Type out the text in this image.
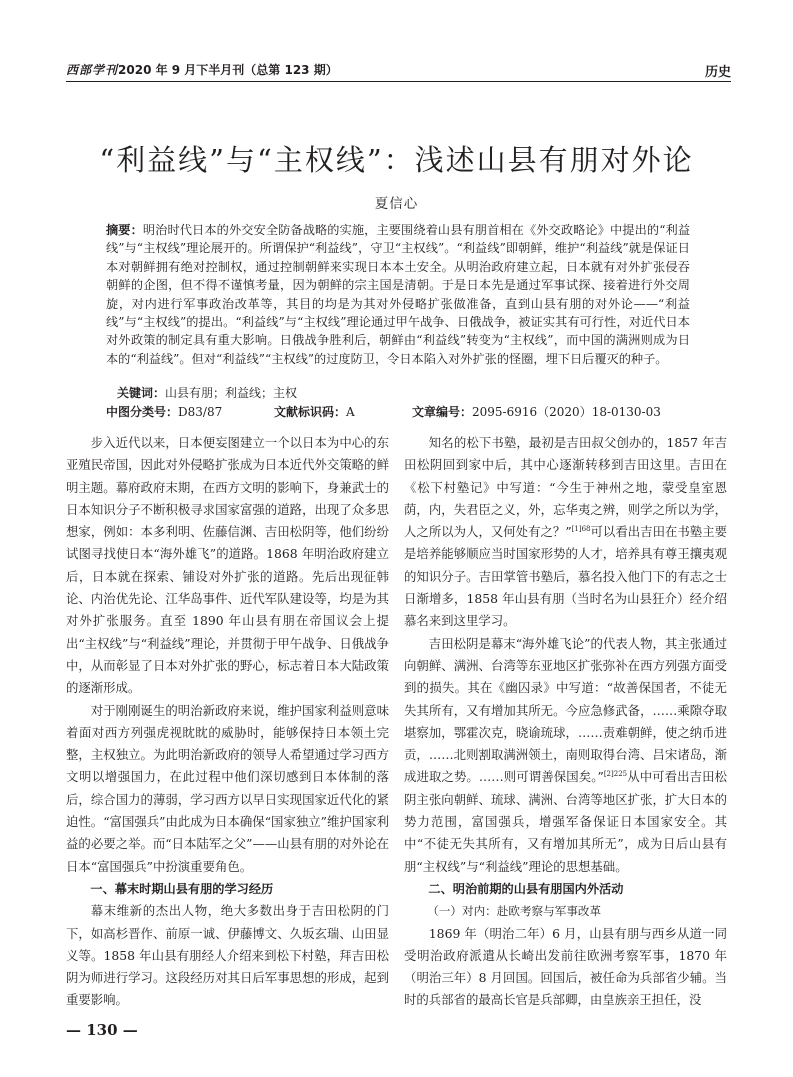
西部学刊2020 年 9 月下半月刊（总第 123 期）	历史
“利益线”与“主权线”：浅述山县有朋对外论
夏信心
摘要：明治时代日本的外交安全防备战略的实施，主要围绕着山县有朋首相在《外交政略论》中提出的“利益线”与“主权线”理论展开的。所谓保护“利益线”，守卫“主权线”。“利益线”即朝鲜，维护“利益线”就是保证日本对朝鲜拥有绝对控制权，通过控制朝鲜来实现日本本土安全。从明治政府建立起，日本就有对外扩张侵吞朝鲜的企图，但不得不谨慎考量，因为朝鲜的宗主国是清朝。于是日本先是通过军事试探、接着进行外交周旋，对内进行军事政治改革等，其目的均是为其对外侵略扩张做准备，直到山县有朋的对外论——“利益线”与“主权线”的提出。“利益线”与“主权线”理论通过甲午战争、日俄战争，被证实其有可行性，对近代日本对外政策的制定具有重大影响。日俄战争胜利后，朝鲜由“利益线”转变为“主权线”，而中国的满洲则成为日本的“利益线”。但对“利益线”“主权线”的过度防卫，令日本陷入对外扩张的怪圈，埋下日后覆灭的种子。
关键词：山县有朋；利益线；主权
中图分类号：D83/87	文献标识码：A	文章编号：2095-6916（2020）18-0130-03

步入近代以来，日本便妄图建立一个以日本为中心的东亚殖民帝国，因此对外侵略扩张成为日本近代外交策略的鲜明主题。幕府政府末期，在西方文明的影响下，身兼武士的日本知识分子不断积极寻求国家富强的道路，出现了众多思想家，例如：本多利明、佐藤信渊、吉田松阴等，他们纷纷试图寻找使日本“海外雄飞”的道路。1868 年明治政府建立后，日本就在探索、铺设对外扩张的道路。先后出现征韩论、内治优先论、江华岛事件、近代军队建设等，均是为其对外扩张服务。直至 1890 年山县有朋在帝国议会上提出“主权线”与“利益线”理论，并贯彻于甲午战争、日俄战争中，从而彰显了日本对外扩张的野心，标志着日本大陆政策的逐渐形成。

对于刚刚诞生的明治新政府来说，维护国家利益则意味着面对西方列强虎视眈眈的威胁时，能够保持日本领土完整，主权独立。为此明治新政府的领导人希望通过学习西方文明以增强国力，在此过程中他们深切感到日本体制的落后，综合国力的薄弱，学习西方以早日实现国家近代化的紧迫性。“富国强兵”由此成为日本确保“国家独立”维护国家利益的必要之举。而“日本陆军之父”——山县有朋的对外论在日本“富国强兵”中扮演重要角色。

一、幕末时期山县有朋的学习经历

幕末维新的杰出人物，绝大多数出身于吉田松阴的门下，如高杉晋作、前原一诚、伊藤博文、久坂玄瑞、山田显义等。1858 年山县有朋经人介绍来到松下村塾，拜吉田松阴为师进行学习。这段经历对其日后军事思想的形成，起到重要影响。

知名的松下书塾，最初是吉田叔父创办的，1857 年吉田松阴回到家中后，其中心逐渐转移到吉田这里。吉田在《松下村塾记》中写道：“今生于神州之地，蒙受皇室恩荫，内，失君臣之义，外，忘华夷之辨，则学之所以为学，人之所以为人，又何处有之？”$^{[1]68}$可以看出吉田在书塾主要是培养能够顺应当时国家形势的人才，培养具有尊王攘夷观的知识分子。吉田掌管书塾后，慕名投入他门下的有志之士日渐增多，1858 年山县有朋（当时名为山县狂介）经介绍慕名来到这里学习。

吉田松阴是幕末“海外雄飞论”的代表人物，其主张通过向朝鲜、满洲、台湾等东亚地区扩张弥补在西方列强方面受到的损失。其在《幽囚录》中写道：“故善保国者，不徒无失其所有，又有增加其所无。今应急修武备，……乘隙夺取堪察加，鄂霍次克，晓谕琉球，……责难朝鲜，使之纳币进贡，……北则割取满洲领土，南则取得台湾、吕宋诸岛，渐成进取之势。……则可谓善保国矣。”$^{[2]225}$从中可看出吉田松阴主张向朝鲜、琉球、满洲、台湾等地区扩张，扩大日本的势力范围，富国强兵，增强军备保证日本国家安全。其中“不徒无失其所有，又有增加其所无”，成为日后山县有朋“主权线”与“利益线”理论的思想基础。

二、明治前期的山县有朋国内外活动
（一）对内：赴欧考察与军事改革

1869 年（明治二年）6 月，山县有朋与西乡从道一同受明治政府派遣从长崎出发前往欧洲考察军事，1870 年（明治三年）8 月回国。回国后，被任命为兵部省少辅。当时的兵部省的最高长官是兵部卿，由皇族亲王担任，没

— 130 —
